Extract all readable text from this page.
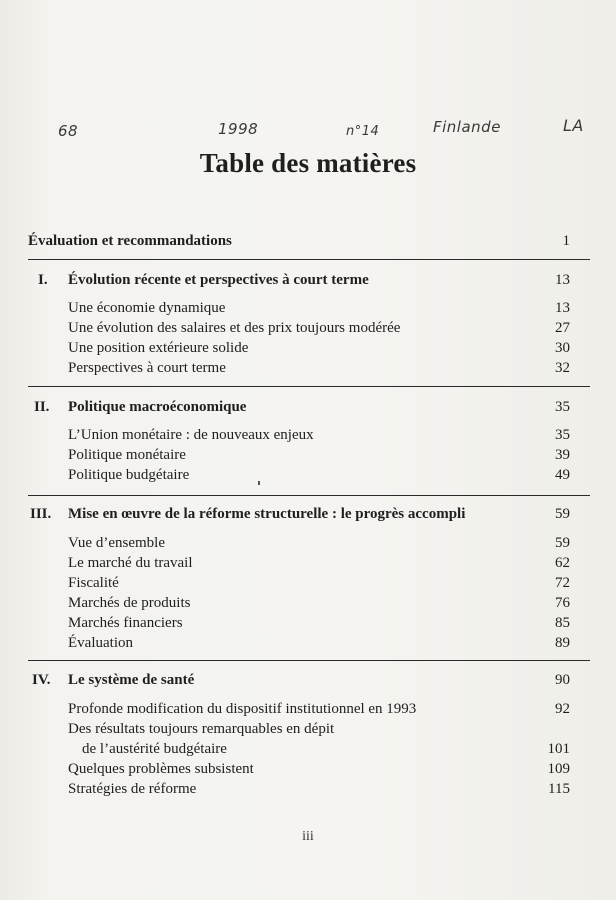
68	1998	n°14	Finlande	LA
Table des matières
Évaluation et recommandations	1
I. Évolution récente et perspectives à court terme	13
Une économie dynamique	13
Une évolution des salaires et des prix toujours modérée	27
Une position extérieure solide	30
Perspectives à court terme	32
II. Politique macroéconomique	35
L’Union monétaire : de nouveaux enjeux	35
Politique monétaire	39
Politique budgétaire	49
III. Mise en œuvre de la réforme structurelle : le progrès accompli	59
Vue d’ensemble	59
Le marché du travail	62
Fiscalité	72
Marchés de produits	76
Marchés financiers	85
Évaluation	89
IV. Le système de santé	90
Profonde modification du dispositif institutionnel en 1993	92
Des résultats toujours remarquables en dépit
de l’austérité budgétaire	101
Quelques problèmes subsistent	109
Stratégies de réforme	115
iii
